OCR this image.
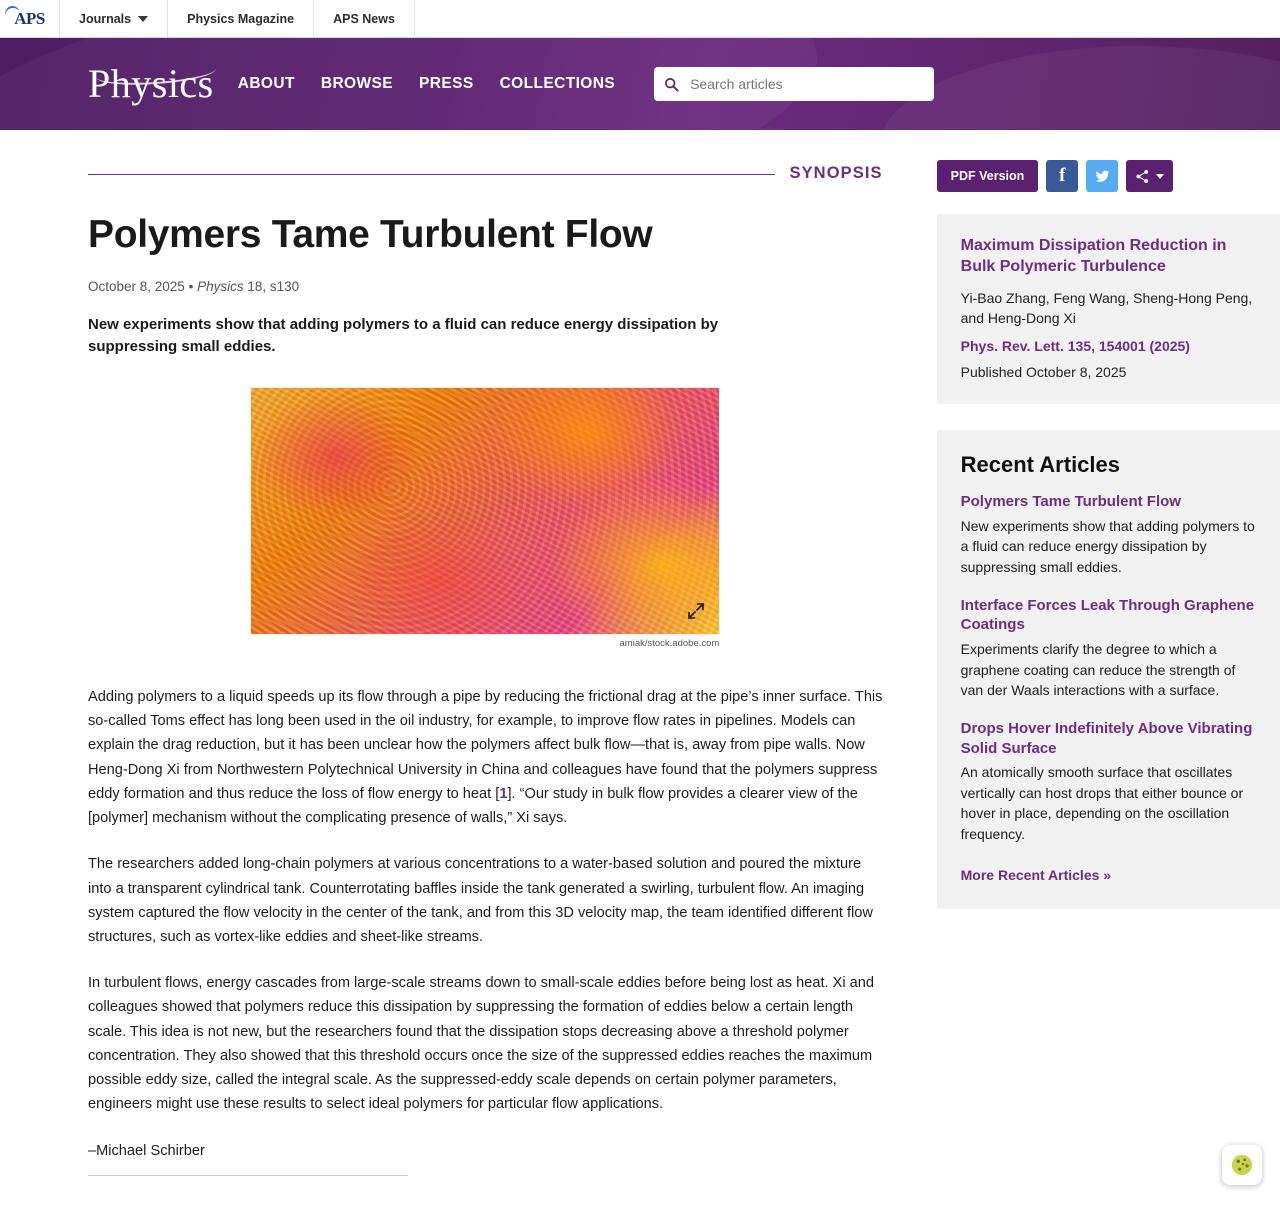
APS	Journals	Physics Magazine	APS News
Physics ABOUT BROWSE PRESS COLLECTIONS
Search articles
SYNOPSIS
Polymers Tame Turbulent Flow
October 8, 2025 • Physics 18, s130

New experiments show that adding polymers to a fluid can reduce energy dissipation by suppressing small eddies.

amiak/stock.adobe.com

Adding polymers to a liquid speeds up its flow through a pipe by reducing the frictional drag at the pipe’s inner surface. This so-called Toms effect has long been used in the oil industry, for example, to improve flow rates in pipelines. Models can explain the drag reduction, but it has been unclear how the polymers affect bulk flow—that is, away from pipe walls. Now Heng-Dong Xi from Northwestern Polytechnical University in China and colleagues have found that the polymers suppress eddy formation and thus reduce the loss of flow energy to heat [1]. “Our study in bulk flow provides a clearer view of the [polymer] mechanism without the complicating presence of walls,” Xi says.

The researchers added long-chain polymers at various concentrations to a water-based solution and poured the mixture into a transparent cylindrical tank. Counterrotating baffles inside the tank generated a swirling, turbulent flow. An imaging system captured the flow velocity in the center of the tank, and from this 3D velocity map, the team identified different flow structures, such as vortex-like eddies and sheet-like streams.

In turbulent flows, energy cascades from large-scale streams down to small-scale eddies before being lost as heat. Xi and colleagues showed that polymers reduce this dissipation by suppressing the formation of eddies below a certain length scale. This idea is not new, but the researchers found that the dissipation stops decreasing above a threshold polymer concentration. They also showed that this threshold occurs once the size of the suppressed eddies reaches the maximum possible eddy size, called the integral scale. As the suppressed-eddy scale depends on certain polymer parameters, engineers might use these results to select ideal polymers for particular flow applications.

–Michael Schirber
PDF Version	f

Maximum Dissipation Reduction in Bulk Polymeric Turbulence

Yi-Bao Zhang, Feng Wang, Sheng-Hong Peng, and Heng-Dong Xi

Phys. Rev. Lett. 135, 154001 (2025)

Published October 8, 2025

Recent Articles

Polymers Tame Turbulent Flow

New experiments show that adding polymers to a fluid can reduce energy dissipation by suppressing small eddies.

Interface Forces Leak Through Graphene Coatings

Experiments clarify the degree to which a graphene coating can reduce the strength of van der Waals interactions with a surface.

Drops Hover Indefinitely Above Vibrating Solid Surface

An atomically smooth surface that oscillates vertically can host drops that either bounce or hover in place, depending on the oscillation frequency.

More Recent Articles »
